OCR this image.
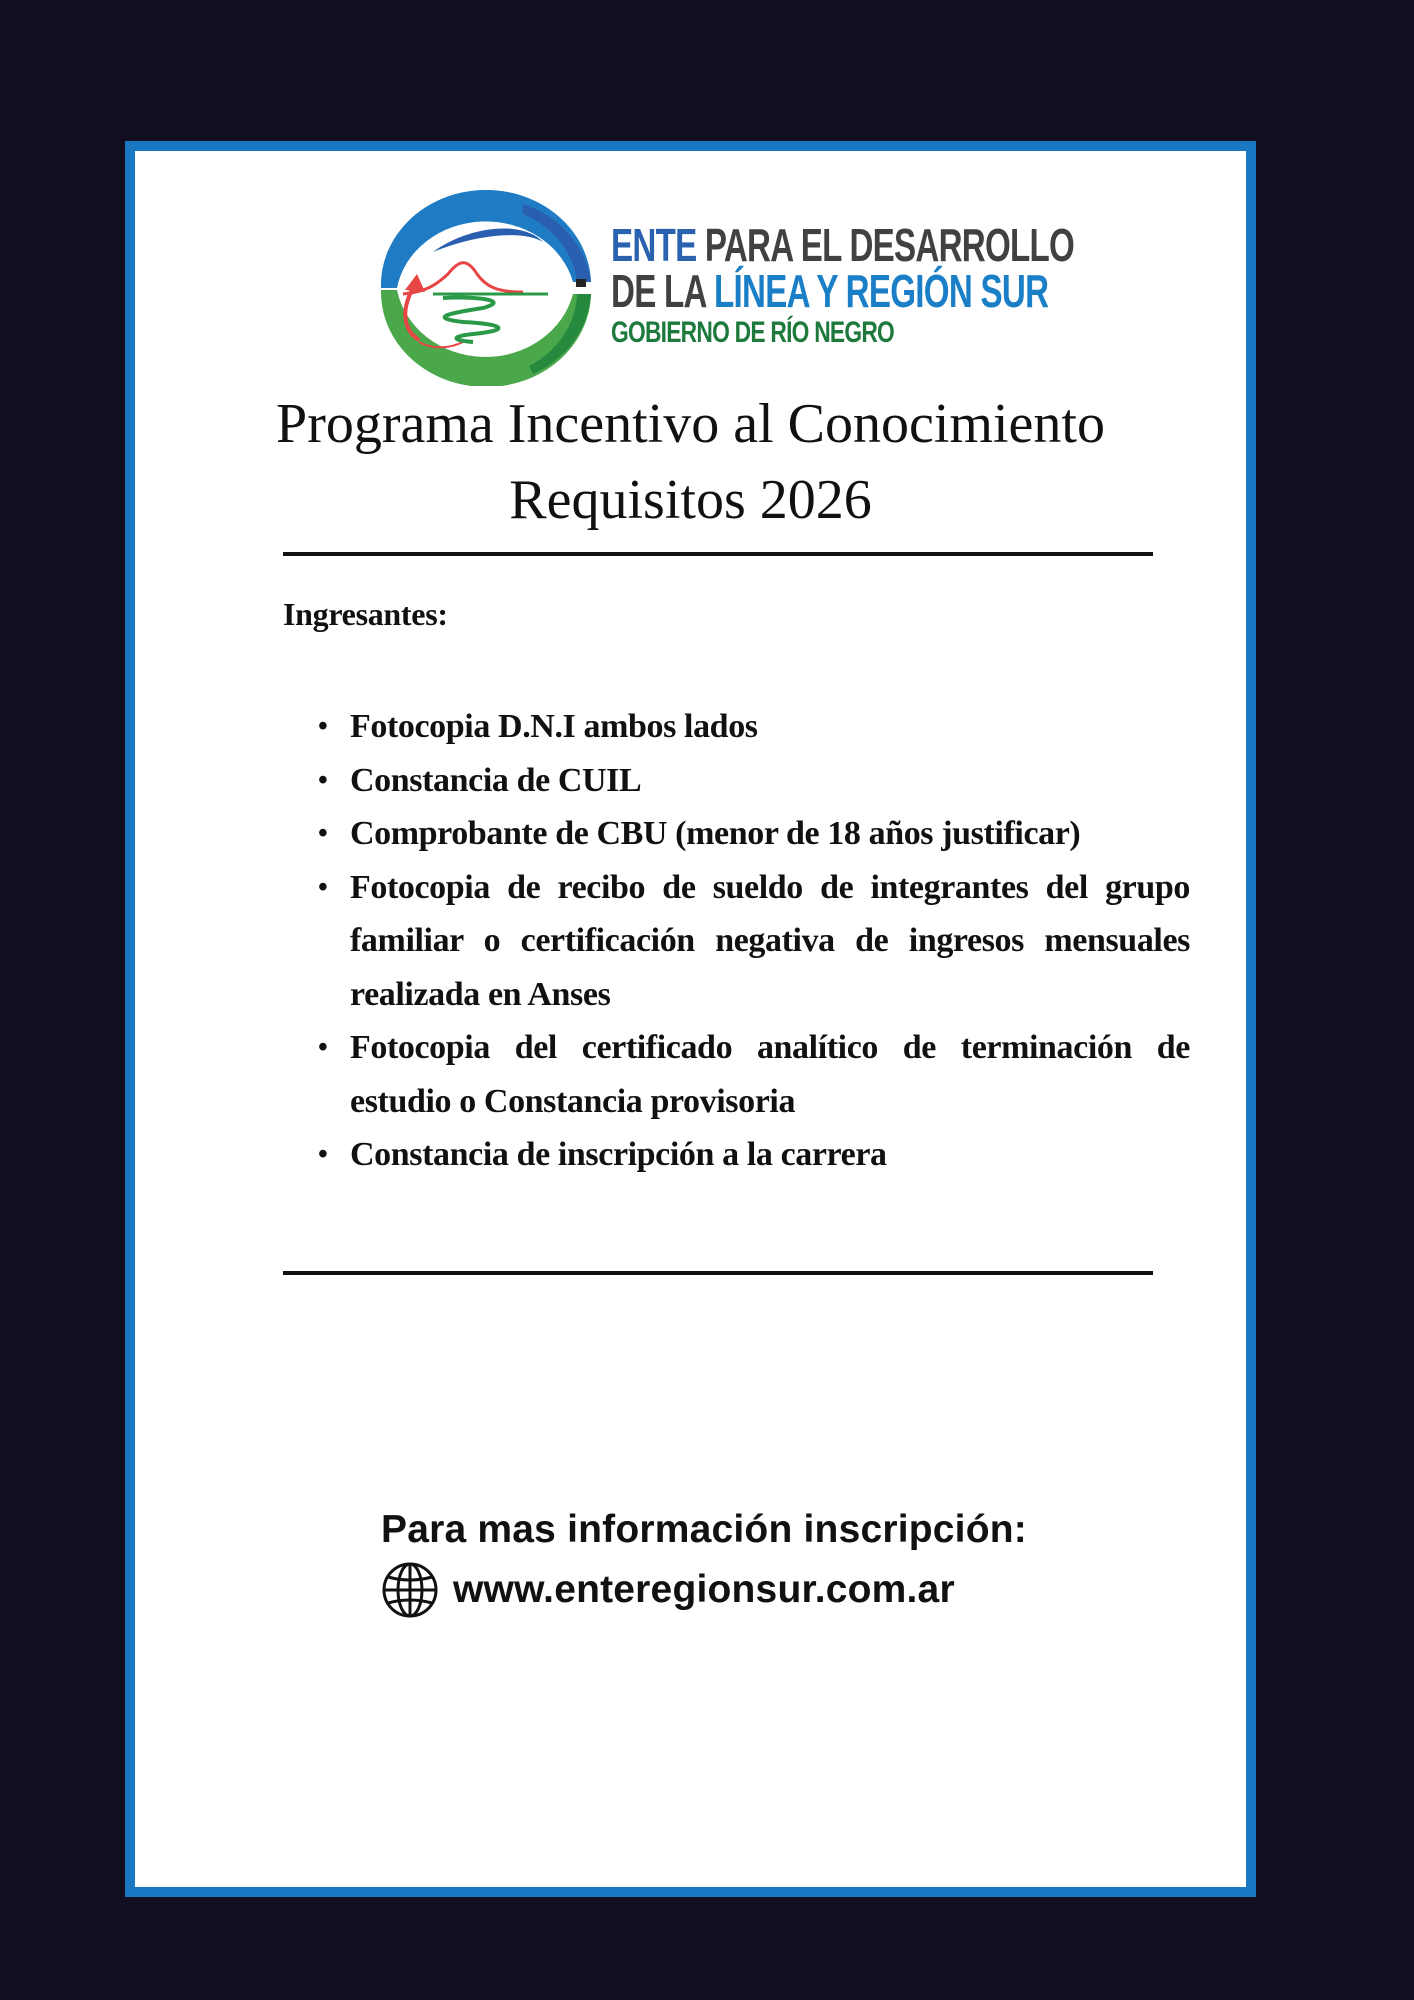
ENTE PARA EL DESARROLLO
DE LA LÍNEA Y REGIÓN SUR
GOBIERNO DE RÍO NEGRO
Programa Incentivo al Conocimiento
Requisitos 2026
Ingresantes:
• Fotocopia D.N.I ambos lados
• Constancia de CUIL
• Comprobante de CBU (menor de 18 años justificar)
• Fotocopia de recibo de sueldo de integrantes del grupo familiar o certificación negativa de ingresos mensuales realizada en Anses
• Fotocopia del certificado analítico de terminación de estudio o Constancia provisoria
• Constancia de inscripción a la carrera
Para mas información inscripción:
www.enteregionsur.com.ar
